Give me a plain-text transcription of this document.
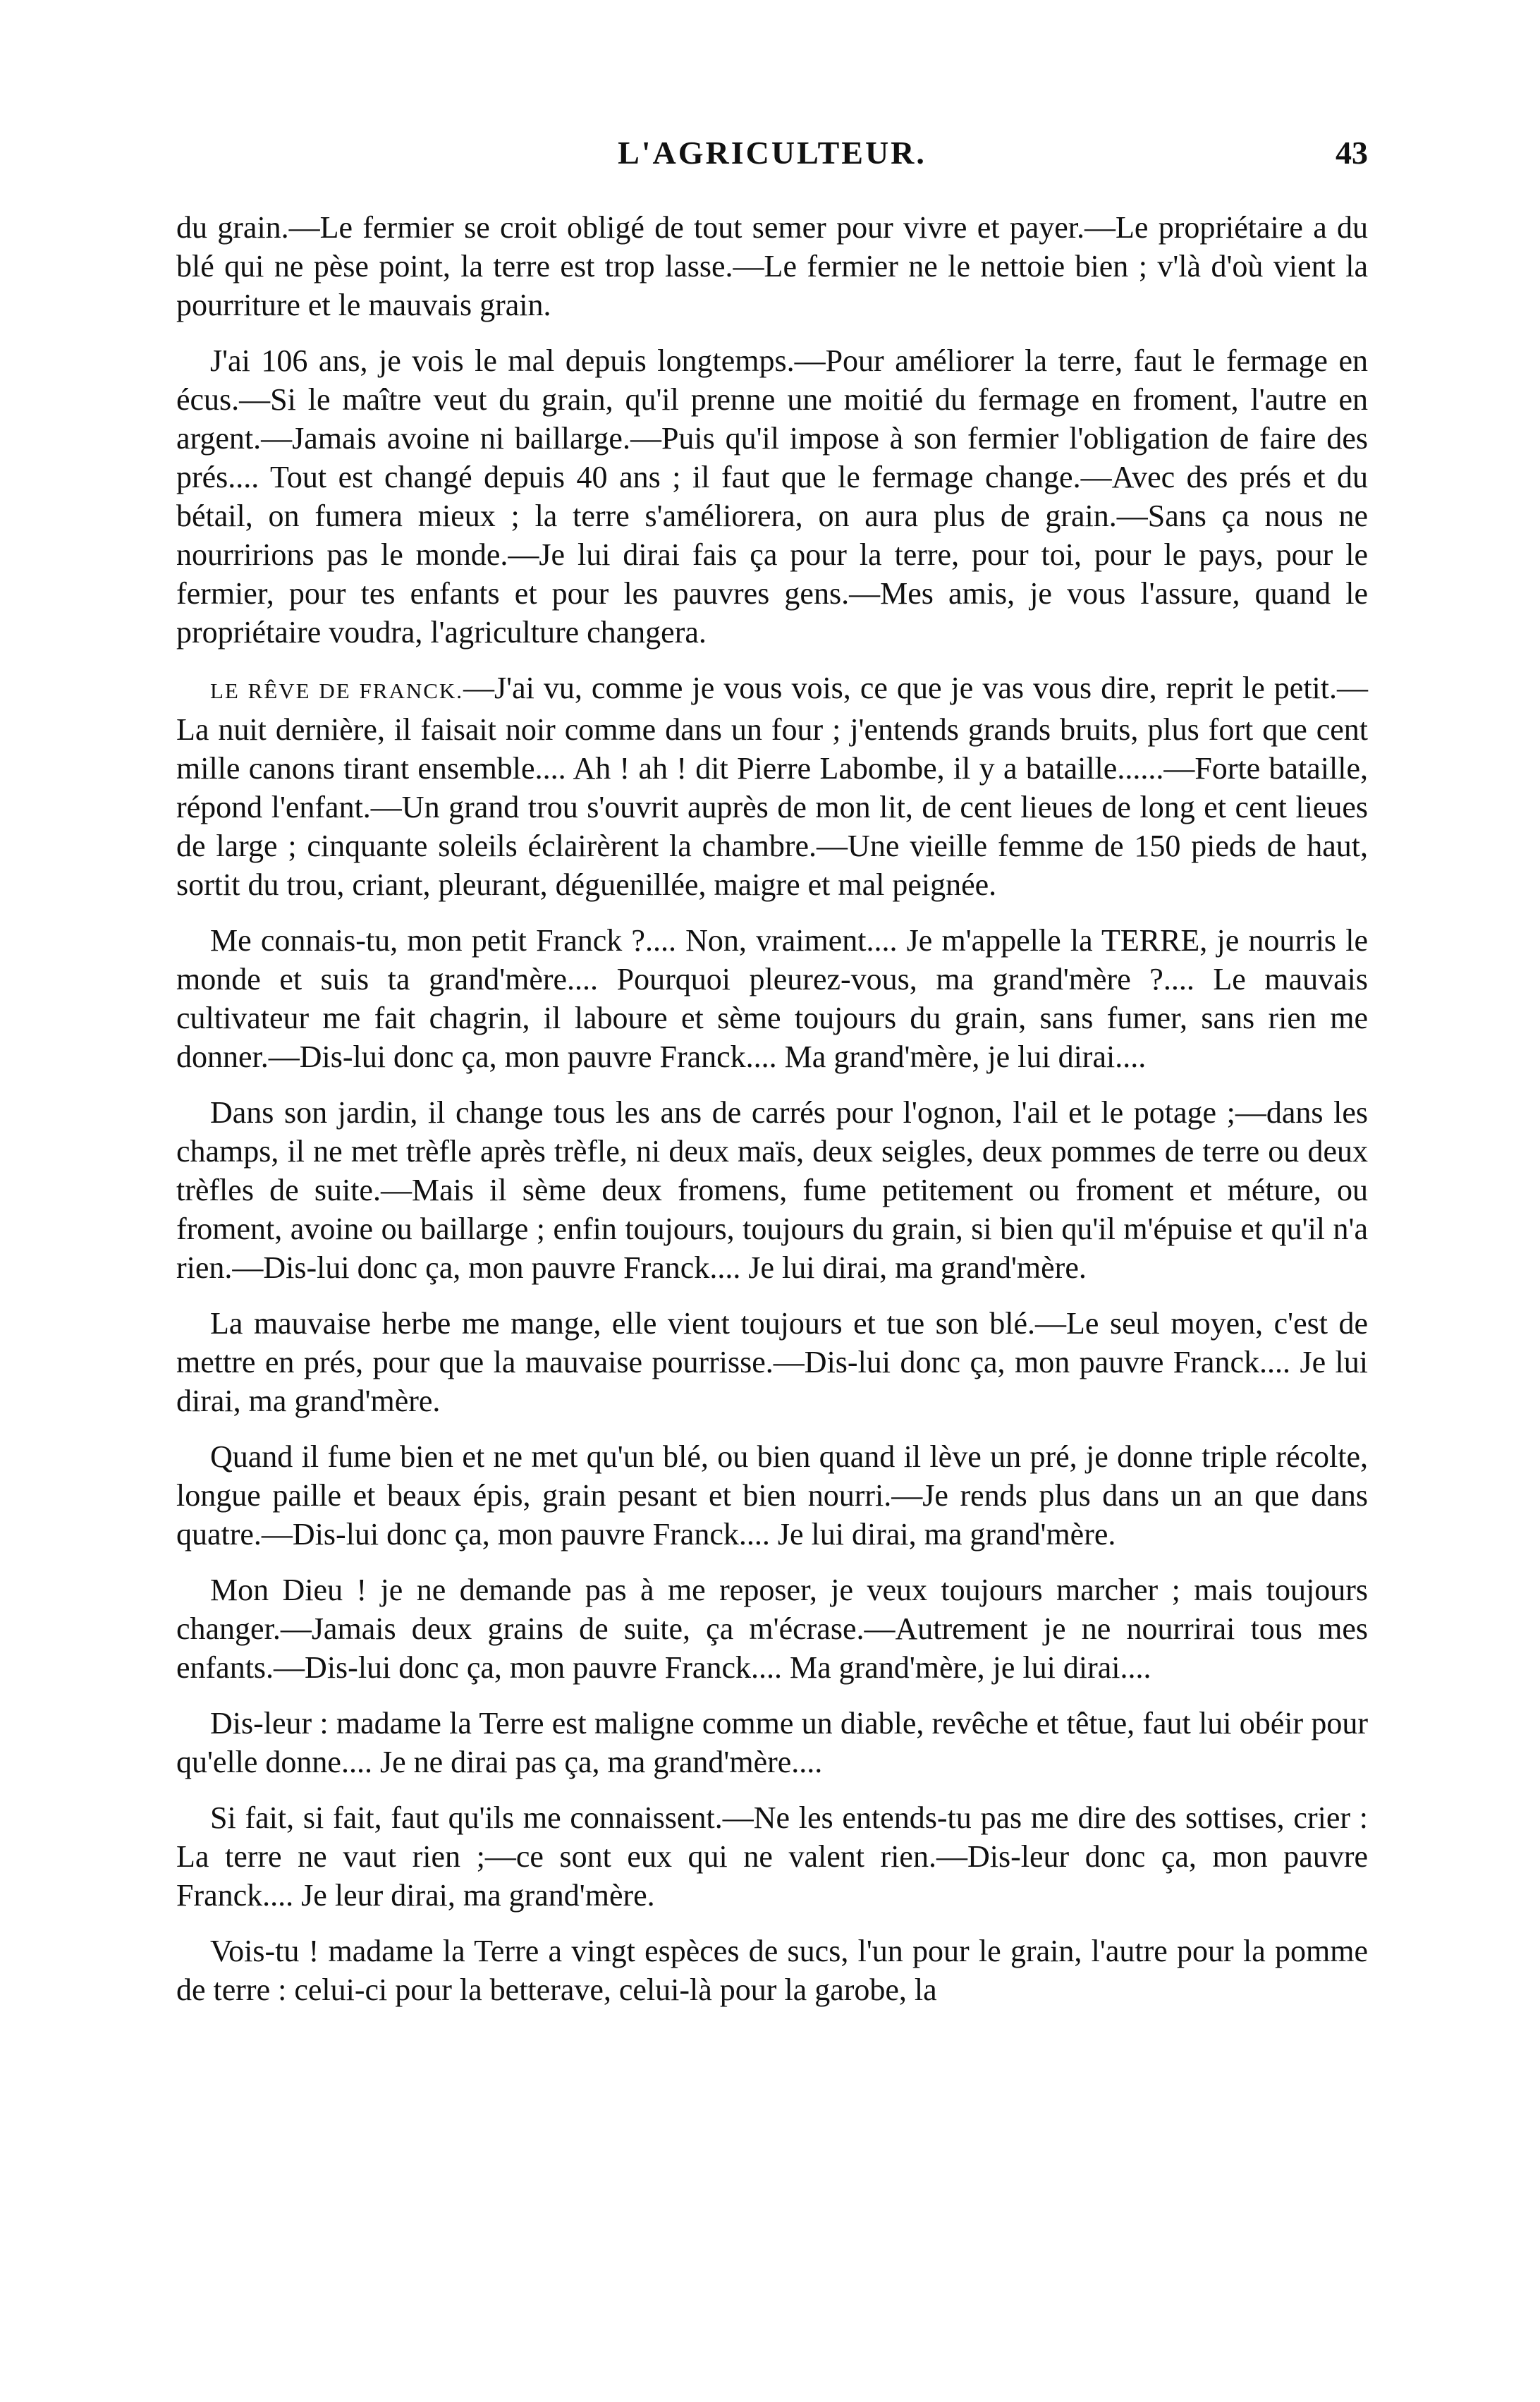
L'AGRICULTEUR.	43

du grain.—Le fermier se croit obligé de tout semer pour vivre et payer.—Le propriétaire a du blé qui ne pèse point, la terre est trop lasse.—Le fermier ne le nettoie bien ; v'là d'où vient la pourriture et le mauvais grain.

J'ai 106 ans, je vois le mal depuis longtemps.—Pour améliorer la terre, faut le fermage en écus.—Si le maître veut du grain, qu'il prenne une moitié du fermage en froment, l'autre en argent.—Jamais avoine ni baillarge.—Puis qu'il impose à son fermier l'obligation de faire des prés.... Tout est changé depuis 40 ans ; il faut que le fermage change.—Avec des prés et du bétail, on fumera mieux ; la terre s'améliorera, on aura plus de grain.—Sans ça nous ne nourririons pas le monde.—Je lui dirai fais ça pour la terre, pour toi, pour le pays, pour le fermier, pour tes enfants et pour les pauvres gens.—Mes amis, je vous l'assure, quand le propriétaire voudra, l'agriculture changera.

LE RÊVE DE FRANCK.—J'ai vu, comme je vous vois, ce que je vas vous dire, reprit le petit.—La nuit dernière, il faisait noir comme dans un four ; j'entends grands bruits, plus fort que cent mille canons tirant ensemble.... Ah ! ah ! dit Pierre Labombe, il y a bataille......—Forte bataille, répond l'enfant.—Un grand trou s'ouvrit auprès de mon lit, de cent lieues de long et cent lieues de large ; cinquante soleils éclairèrent la chambre.—Une vieille femme de 150 pieds de haut, sortit du trou, criant, pleurant, déguenillée, maigre et mal peignée.

Me connais-tu, mon petit Franck ?.... Non, vraiment.... Je m'appelle la TERRE, je nourris le monde et suis ta grand'mère.... Pourquoi pleurez-vous, ma grand'mère ?.... Le mauvais cultivateur me fait chagrin, il laboure et sème toujours du grain, sans fumer, sans rien me donner.—Dis-lui donc ça, mon pauvre Franck.... Ma grand'mère, je lui dirai....

Dans son jardin, il change tous les ans de carrés pour l'ognon, l'ail et le potage ;—dans les champs, il ne met trèfle après trèfle, ni deux maïs, deux seigles, deux pommes de terre ou deux trèfles de suite.—Mais il sème deux fromens, fume petitement ou froment et méture, ou froment, avoine ou baillarge ; enfin toujours, toujours du grain, si bien qu'il m'épuise et qu'il n'a rien.—Dis-lui donc ça, mon pauvre Franck.... Je lui dirai, ma grand'mère.

La mauvaise herbe me mange, elle vient toujours et tue son blé.—Le seul moyen, c'est de mettre en prés, pour que la mauvaise pourrisse.—Dis-lui donc ça, mon pauvre Franck.... Je lui dirai, ma grand'mère.

Quand il fume bien et ne met qu'un blé, ou bien quand il lève un pré, je donne triple récolte, longue paille et beaux épis, grain pesant et bien nourri.—Je rends plus dans un an que dans quatre.—Dis-lui donc ça, mon pauvre Franck.... Je lui dirai, ma grand'mère.

Mon Dieu ! je ne demande pas à me reposer, je veux toujours marcher ; mais toujours changer.—Jamais deux grains de suite, ça m'écrase.—Autrement je ne nourrirai tous mes enfants.—Dis-lui donc ça, mon pauvre Franck.... Ma grand'mère, je lui dirai....

Dis-leur : madame la Terre est maligne comme un diable, revêche et têtue, faut lui obéir pour qu'elle donne.... Je ne dirai pas ça, ma grand'mère....

Si fait, si fait, faut qu'ils me connaissent.—Ne les entends-tu pas me dire des sottises, crier : La terre ne vaut rien ;—ce sont eux qui ne valent rien.—Dis-leur donc ça, mon pauvre Franck.... Je leur dirai, ma grand'mère.

Vois-tu ! madame la Terre a vingt espèces de sucs, l'un pour le grain, l'autre pour la pomme de terre : celui-ci pour la betterave, celui-là pour la garobe, la
